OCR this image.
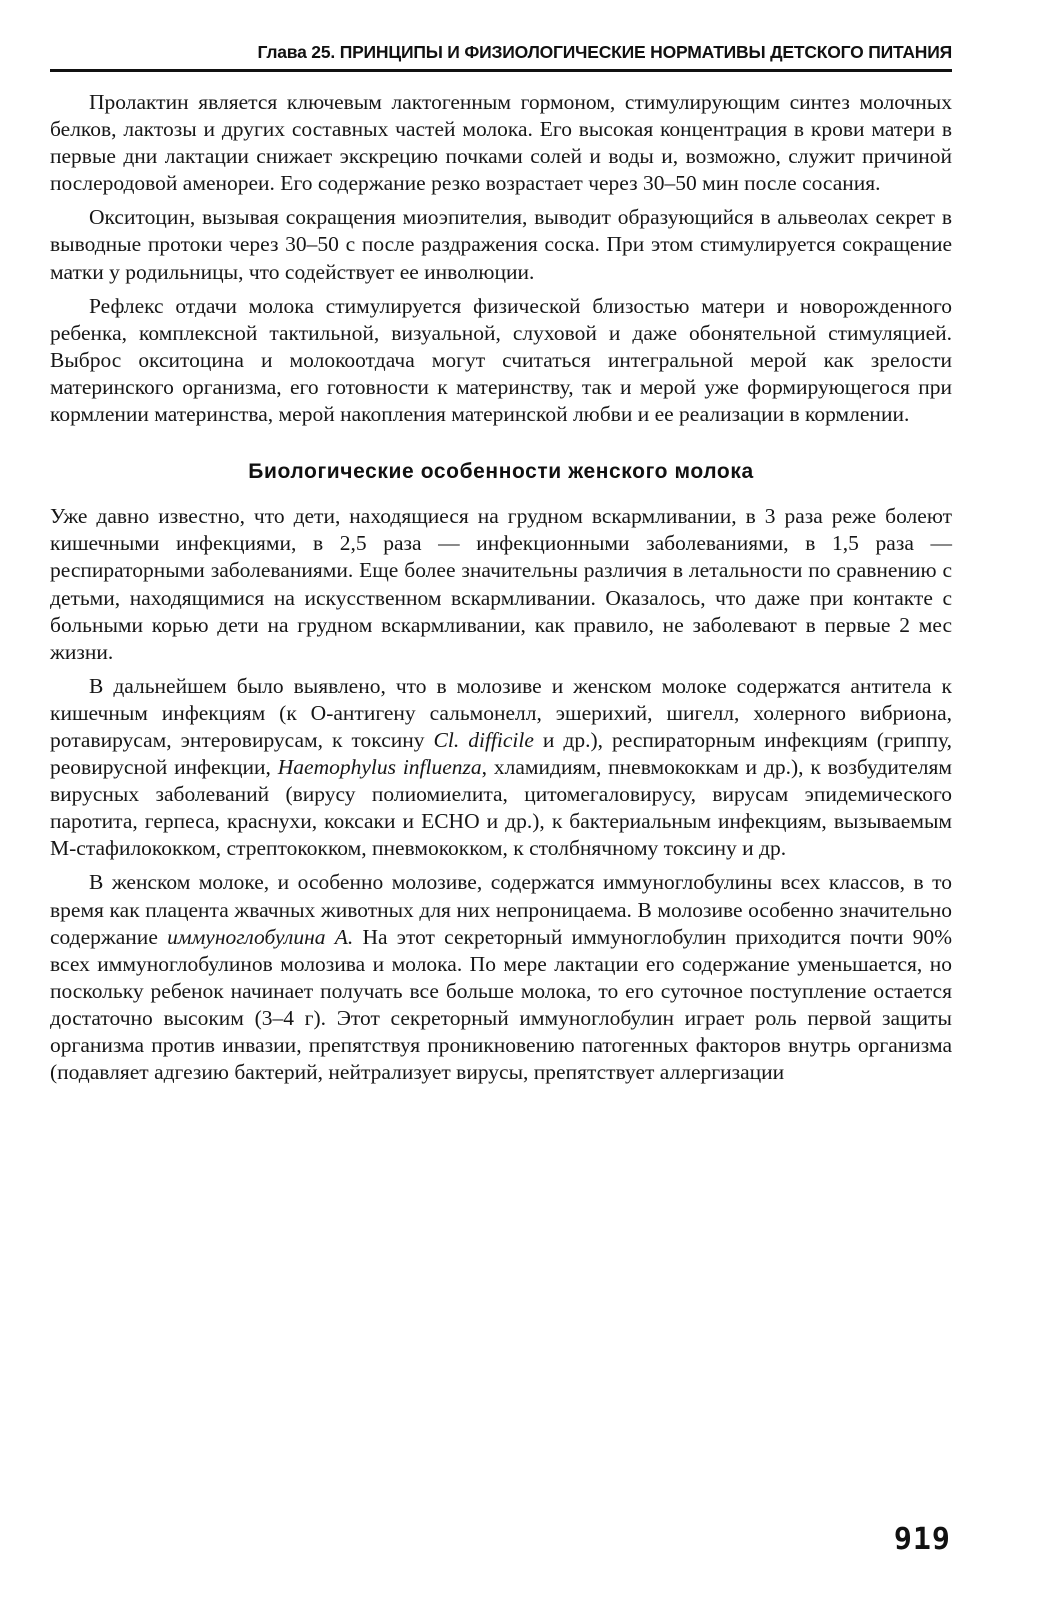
Глава 25. ПРИНЦИПЫ И ФИЗИОЛОГИЧЕСКИЕ НОРМАТИВЫ ДЕТСКОГО ПИТАНИЯ

Пролактин является ключевым лактогенным гормоном, стимулирующим синтез молочных белков, лактозы и других составных частей молока. Его высокая концентрация в крови матери в первые дни лактации снижает экскрецию почками солей и воды и, возможно, служит причиной послеродовой аменореи. Его содержание резко возрастает через 30–50 мин после сосания.

Окситоцин, вызывая сокращения миоэпителия, выводит образующийся в альвеолах секрет в выводные протоки через 30–50 с после раздражения соска. При этом стимулируется сокращение матки у родильницы, что содействует ее инволюции.

Рефлекс отдачи молока стимулируется физической близостью матери и новорожденного ребенка, комплексной тактильной, визуальной, слуховой и даже обонятельной стимуляцией. Выброс окситоцина и молокоотдача могут считаться интегральной мерой как зрелости материнского организма, его готовности к материнству, так и мерой уже формирующегося при кормлении материнства, мерой накопления материнской любви и ее реализации в кормлении.

Биологические особенности женского молока

Уже давно известно, что дети, находящиеся на грудном вскармливании, в 3 раза реже болеют кишечными инфекциями, в 2,5 раза — инфекционными заболеваниями, в 1,5 раза — респираторными заболеваниями. Еще более значительны различия в летальности по сравнению с детьми, находящимися на искусственном вскармливании. Оказалось, что даже при контакте с больными корью дети на грудном вскармливании, как правило, не заболевают в первые 2 мес жизни.

В дальнейшем было выявлено, что в молозиве и женском молоке содержатся антитела к кишечным инфекциям (к О-антигену сальмонелл, эшерихий, шигелл, холерного вибриона, ротавирусам, энтеровирусам, к токсину Cl. difficile и др.), респираторным инфекциям (гриппу, реовирусной инфекции, Haemophylus influenza, хламидиям, пневмококкам и др.), к возбудителям вирусных заболеваний (вирусу полиомиелита, цитомегаловирусу, вирусам эпидемического паротита, герпеса, краснухи, коксаки и ECHO и др.), к бактериальным инфекциям, вызываемым М-стафилококком, стрептококком, пневмококком, к столбнячному токсину и др.

В женском молоке, и особенно молозиве, содержатся иммуноглобулины всех классов, в то время как плацента жвачных животных для них непроницаема. В молозиве особенно значительно содержание иммуноглобулина А. На этот секреторный иммуноглобулин приходится почти 90% всех иммуноглобулинов молозива и молока. По мере лактации его содержание уменьшается, но поскольку ребенок начинает получать все больше молока, то его суточное поступление остается достаточно высоким (3–4 г). Этот секреторный иммуноглобулин играет роль первой защиты организма против инвазии, препятствуя проникновению патогенных факторов внутрь организма (подавляет адгезию бактерий, нейтрализует вирусы, препятствует аллергизации

919
